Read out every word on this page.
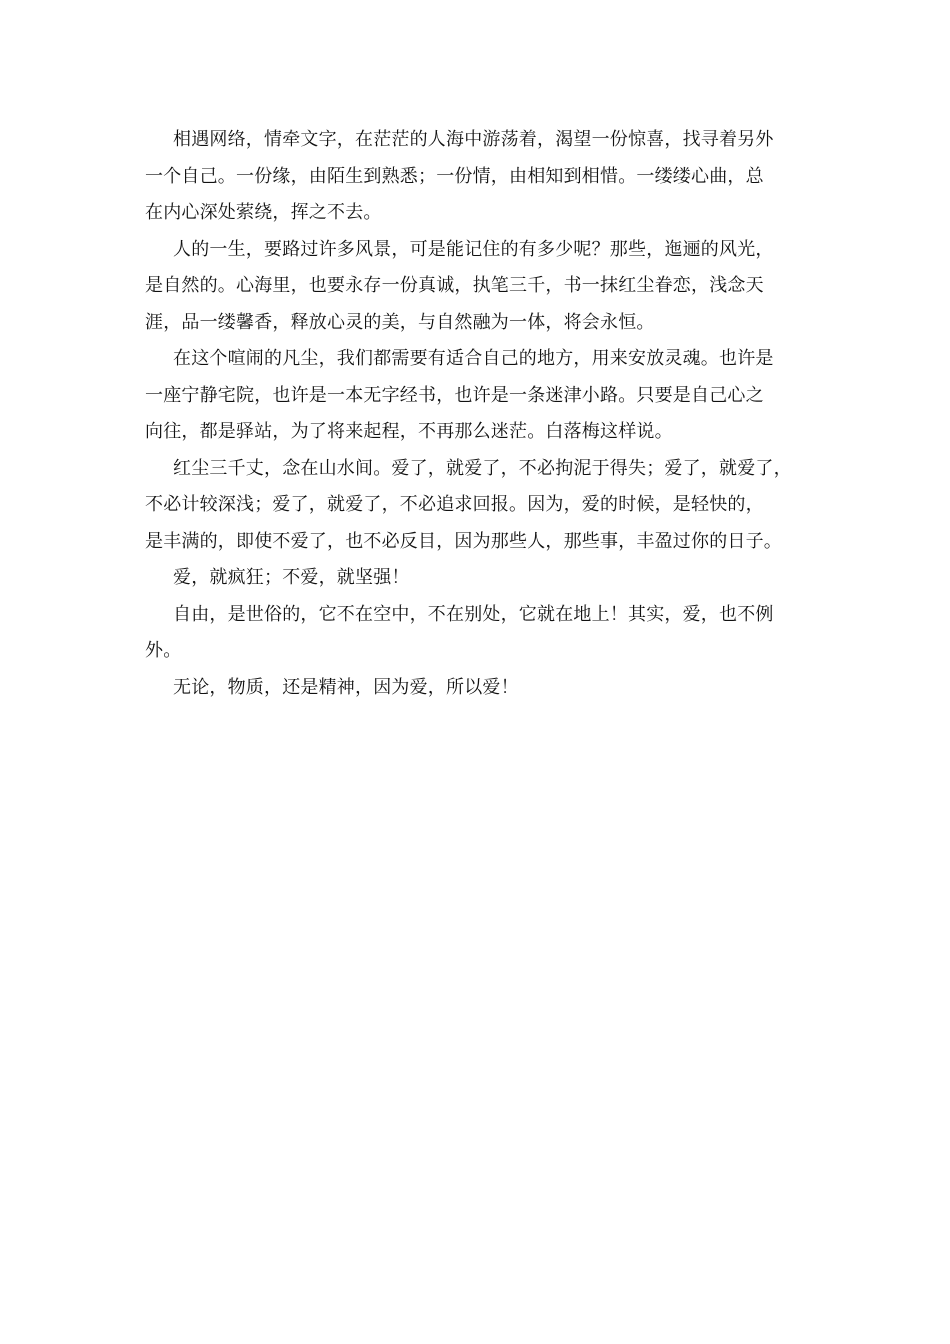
相遇网络，情牵文字，在茫茫的人海中游荡着，渴望一份惊喜，找寻着另外
一个自己。一份缘，由陌生到熟悉；一份情，由相知到相惜。一缕缕心曲，总
在内心深处萦绕，挥之不去。

人的一生，要路过许多风景，可是能记住的有多少呢？那些，迤逦的风光，
是自然的。心海里，也要永存一份真诚，执笔三千，书一抹红尘眷恋，浅念天
涯，品一缕馨香，释放心灵的美，与自然融为一体，将会永恒。

在这个喧闹的凡尘，我们都需要有适合自己的地方，用来安放灵魂。也许是
一座宁静宅院，也许是一本无字经书，也许是一条迷津小路。只要是自己心之
向往，都是驿站，为了将来起程，不再那么迷茫。白落梅这样说。

红尘三千丈，念在山水间。爱了，就爱了，不必拘泥于得失；爱了，就爱了，
不必计较深浅；爱了，就爱了，不必追求回报。因为，爱的时候，是轻快的，
是丰满的，即使不爱了，也不必反目，因为那些人，那些事，丰盈过你的日子。

爱，就疯狂；不爱，就坚强！

自由，是世俗的，它不在空中，不在别处，它就在地上！其实，爱，也不例
外。

无论，物质，还是精神，因为爱，所以爱！
